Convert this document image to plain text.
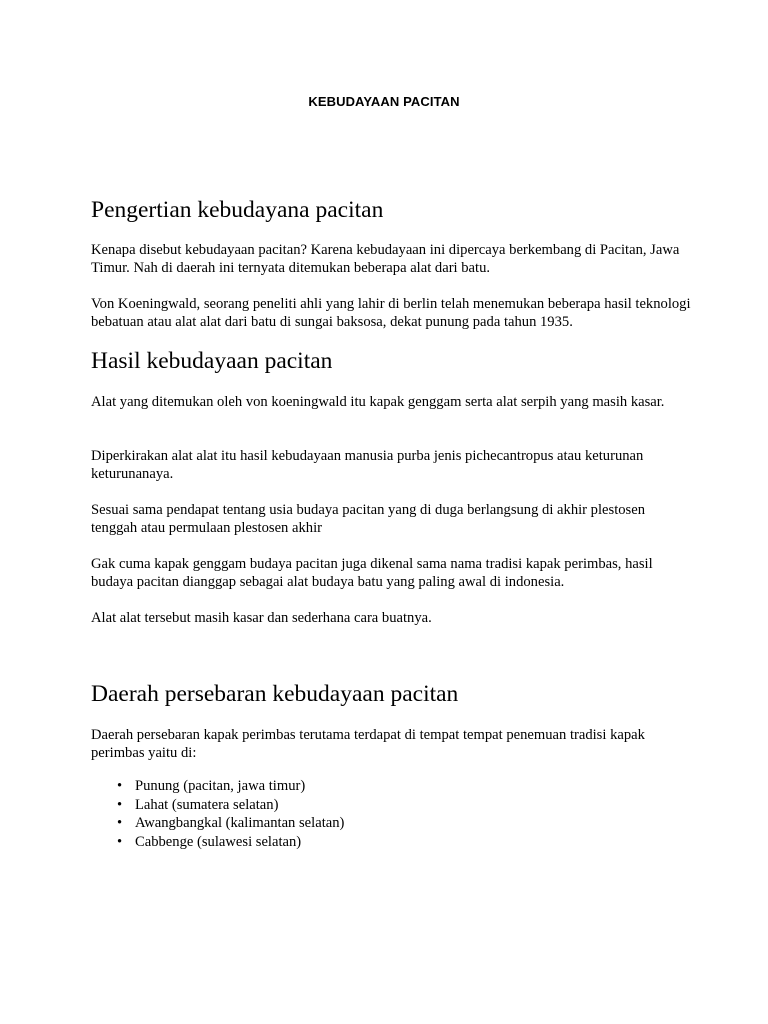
KEBUDAYAAN PACITAN
Pengertian kebudayana pacitan

Kenapa disebut kebudayaan pacitan? Karena kebudayaan ini dipercaya berkembang di Pacitan, Jawa Timur. Nah di daerah ini ternyata ditemukan beberapa alat dari batu.

Von Koeningwald, seorang peneliti ahli yang lahir di berlin telah menemukan beberapa hasil teknologi bebatuan atau alat alat dari batu di sungai baksosa, dekat punung pada tahun 1935.

Hasil kebudayaan pacitan

Alat yang ditemukan oleh von koeningwald itu kapak genggam serta alat serpih yang masih kasar.

Diperkirakan alat alat itu hasil kebudayaan manusia purba jenis pichecantropus atau keturunan keturunanaya.

Sesuai sama pendapat tentang usia budaya pacitan yang di duga berlangsung di akhir plestosen tenggah atau permulaan plestosen akhir

Gak cuma kapak genggam budaya pacitan juga dikenal sama nama tradisi kapak perimbas, hasil budaya pacitan dianggap sebagai alat budaya batu yang paling awal di indonesia.

Alat alat tersebut masih kasar dan sederhana cara buatnya.

Daerah persebaran kebudayaan pacitan

Daerah persebaran kapak perimbas terutama terdapat di tempat tempat penemuan tradisi kapak perimbas yaitu di:

• Punung (pacitan, jawa timur)
• Lahat (sumatera selatan)
• Awangbangkal (kalimantan selatan)
• Cabbenge (sulawesi selatan)
